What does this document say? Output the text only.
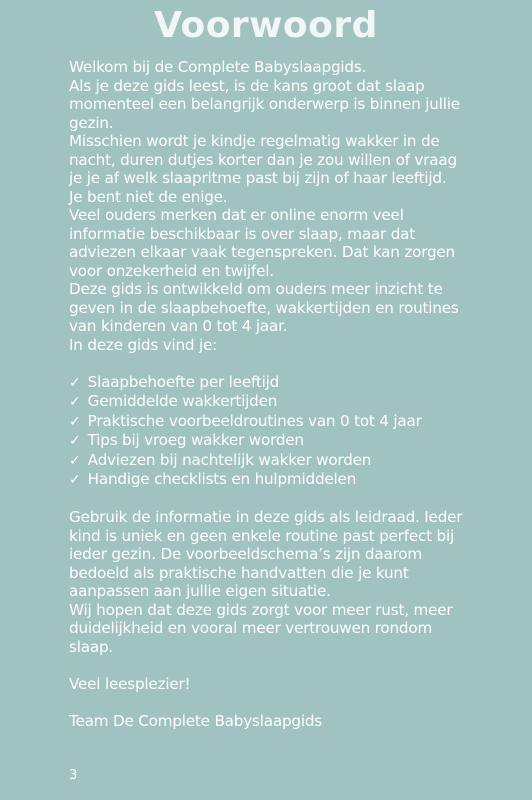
Voorwoord

Welkom bij de Complete Babyslaapgids.

Als je deze gids leest, is de kans groot dat slaap momenteel een belangrijk onderwerp is binnen jullie gezin.

Misschien wordt je kindje regelmatig wakker in de nacht, duren dutjes korter dan je zou willen of vraag je je af welk slaapritme past bij zijn of haar leeftijd.

Je bent niet de enige.

Veel ouders merken dat er online enorm veel informatie beschikbaar is over slaap, maar dat adviezen elkaar vaak tegenspreken. Dat kan zorgen voor onzekerheid en twijfel.

Deze gids is ontwikkeld om ouders meer inzicht te geven in de slaapbehoefte, wakkertijden en routines van kinderen van 0 tot 4 jaar.

In deze gids vind je:

✓ Slaapbehoefte per leeftijd
✓ Gemiddelde wakkertijden
✓ Praktische voorbeeldroutines van 0 tot 4 jaar
✓ Tips bij vroeg wakker worden
✓ Adviezen bij nachtelijk wakker worden
✓ Handige checklists en hulpmiddelen

Gebruik de informatie in deze gids als leidraad. Ieder kind is uniek en geen enkele routine past perfect bij ieder gezin. De voorbeeldschema’s zijn daarom bedoeld als praktische handvatten die je kunt aanpassen aan jullie eigen situatie.

Wij hopen dat deze gids zorgt voor meer rust, meer duidelijkheid en vooral meer vertrouwen rondom slaap.

Veel leesplezier!

Team De Complete Babyslaapgids

3
